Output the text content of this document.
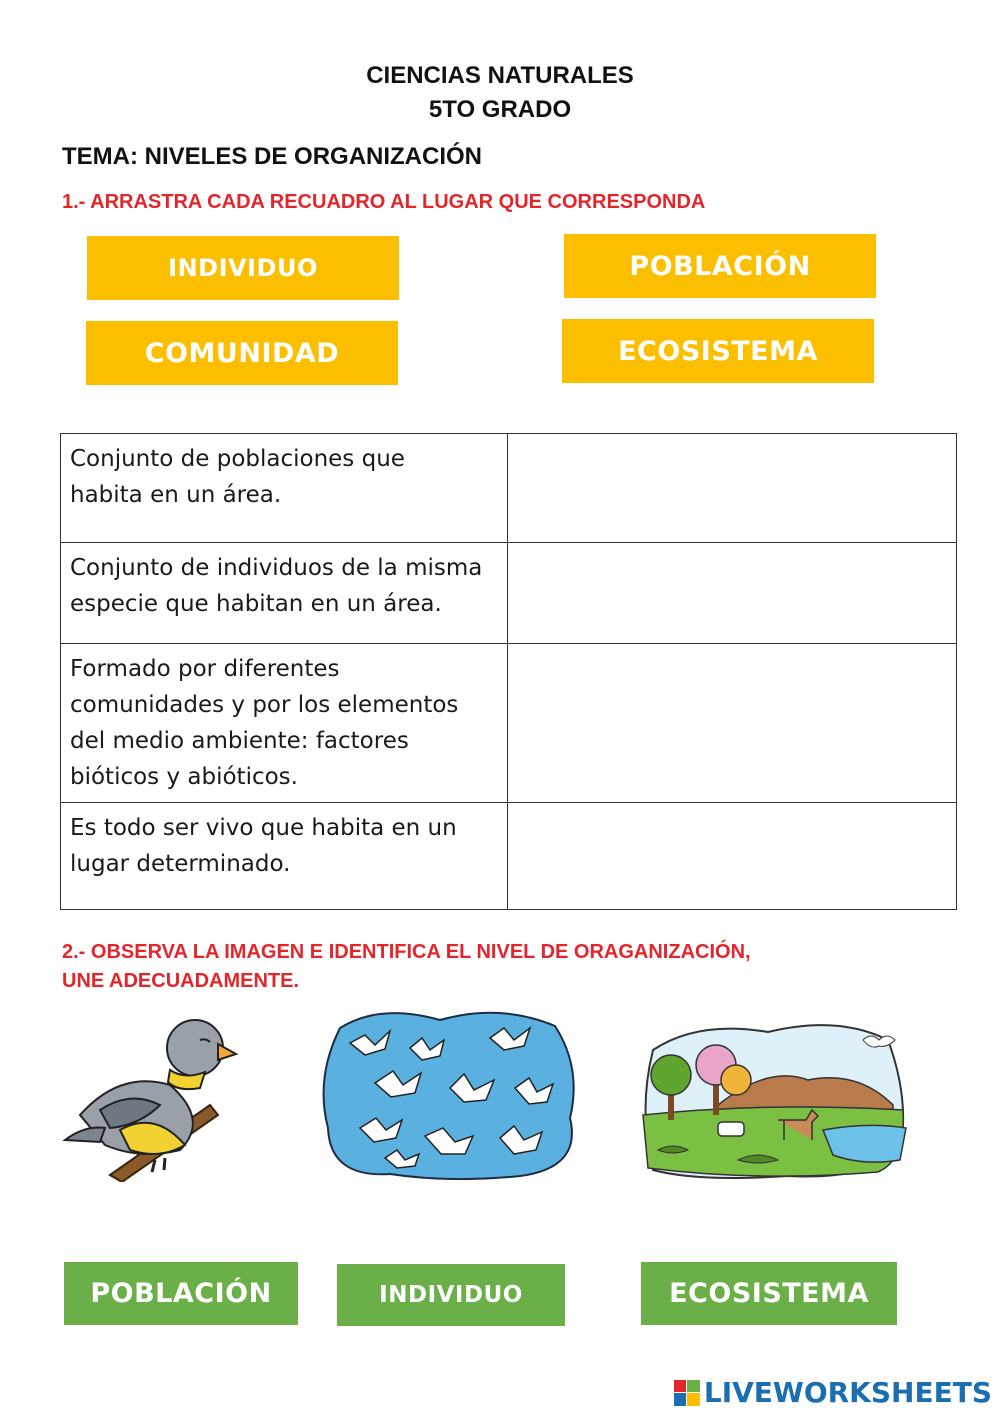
CIENCIAS NATURALES
5TO GRADO
TEMA: NIVELES DE ORGANIZACIÓN
1.- ARRASTRA CADA RECUADRO AL LUGAR QUE CORRESPONDA
INDIVIDUO	POBLACIÓN
COMUNIDAD	ECOSISTEMA
Conjunto de poblaciones que
habita en un área.	

Conjunto de individuos de la misma
especie que habitan en un área.	

Formado por diferentes
comunidades y por los elementos
del medio ambiente: factores
bióticos y abióticos.	

Es todo ser vivo que habita en un
lugar determinado.	

2.- OBSERVA LA IMAGEN E IDENTIFICA EL NIVEL DE ORAGANIZACIÓN,
UNE ADECUADAMENTE.
POBLACIÓN	INDIVIDUO	ECOSISTEMA
LIVEWORKSHEETS
